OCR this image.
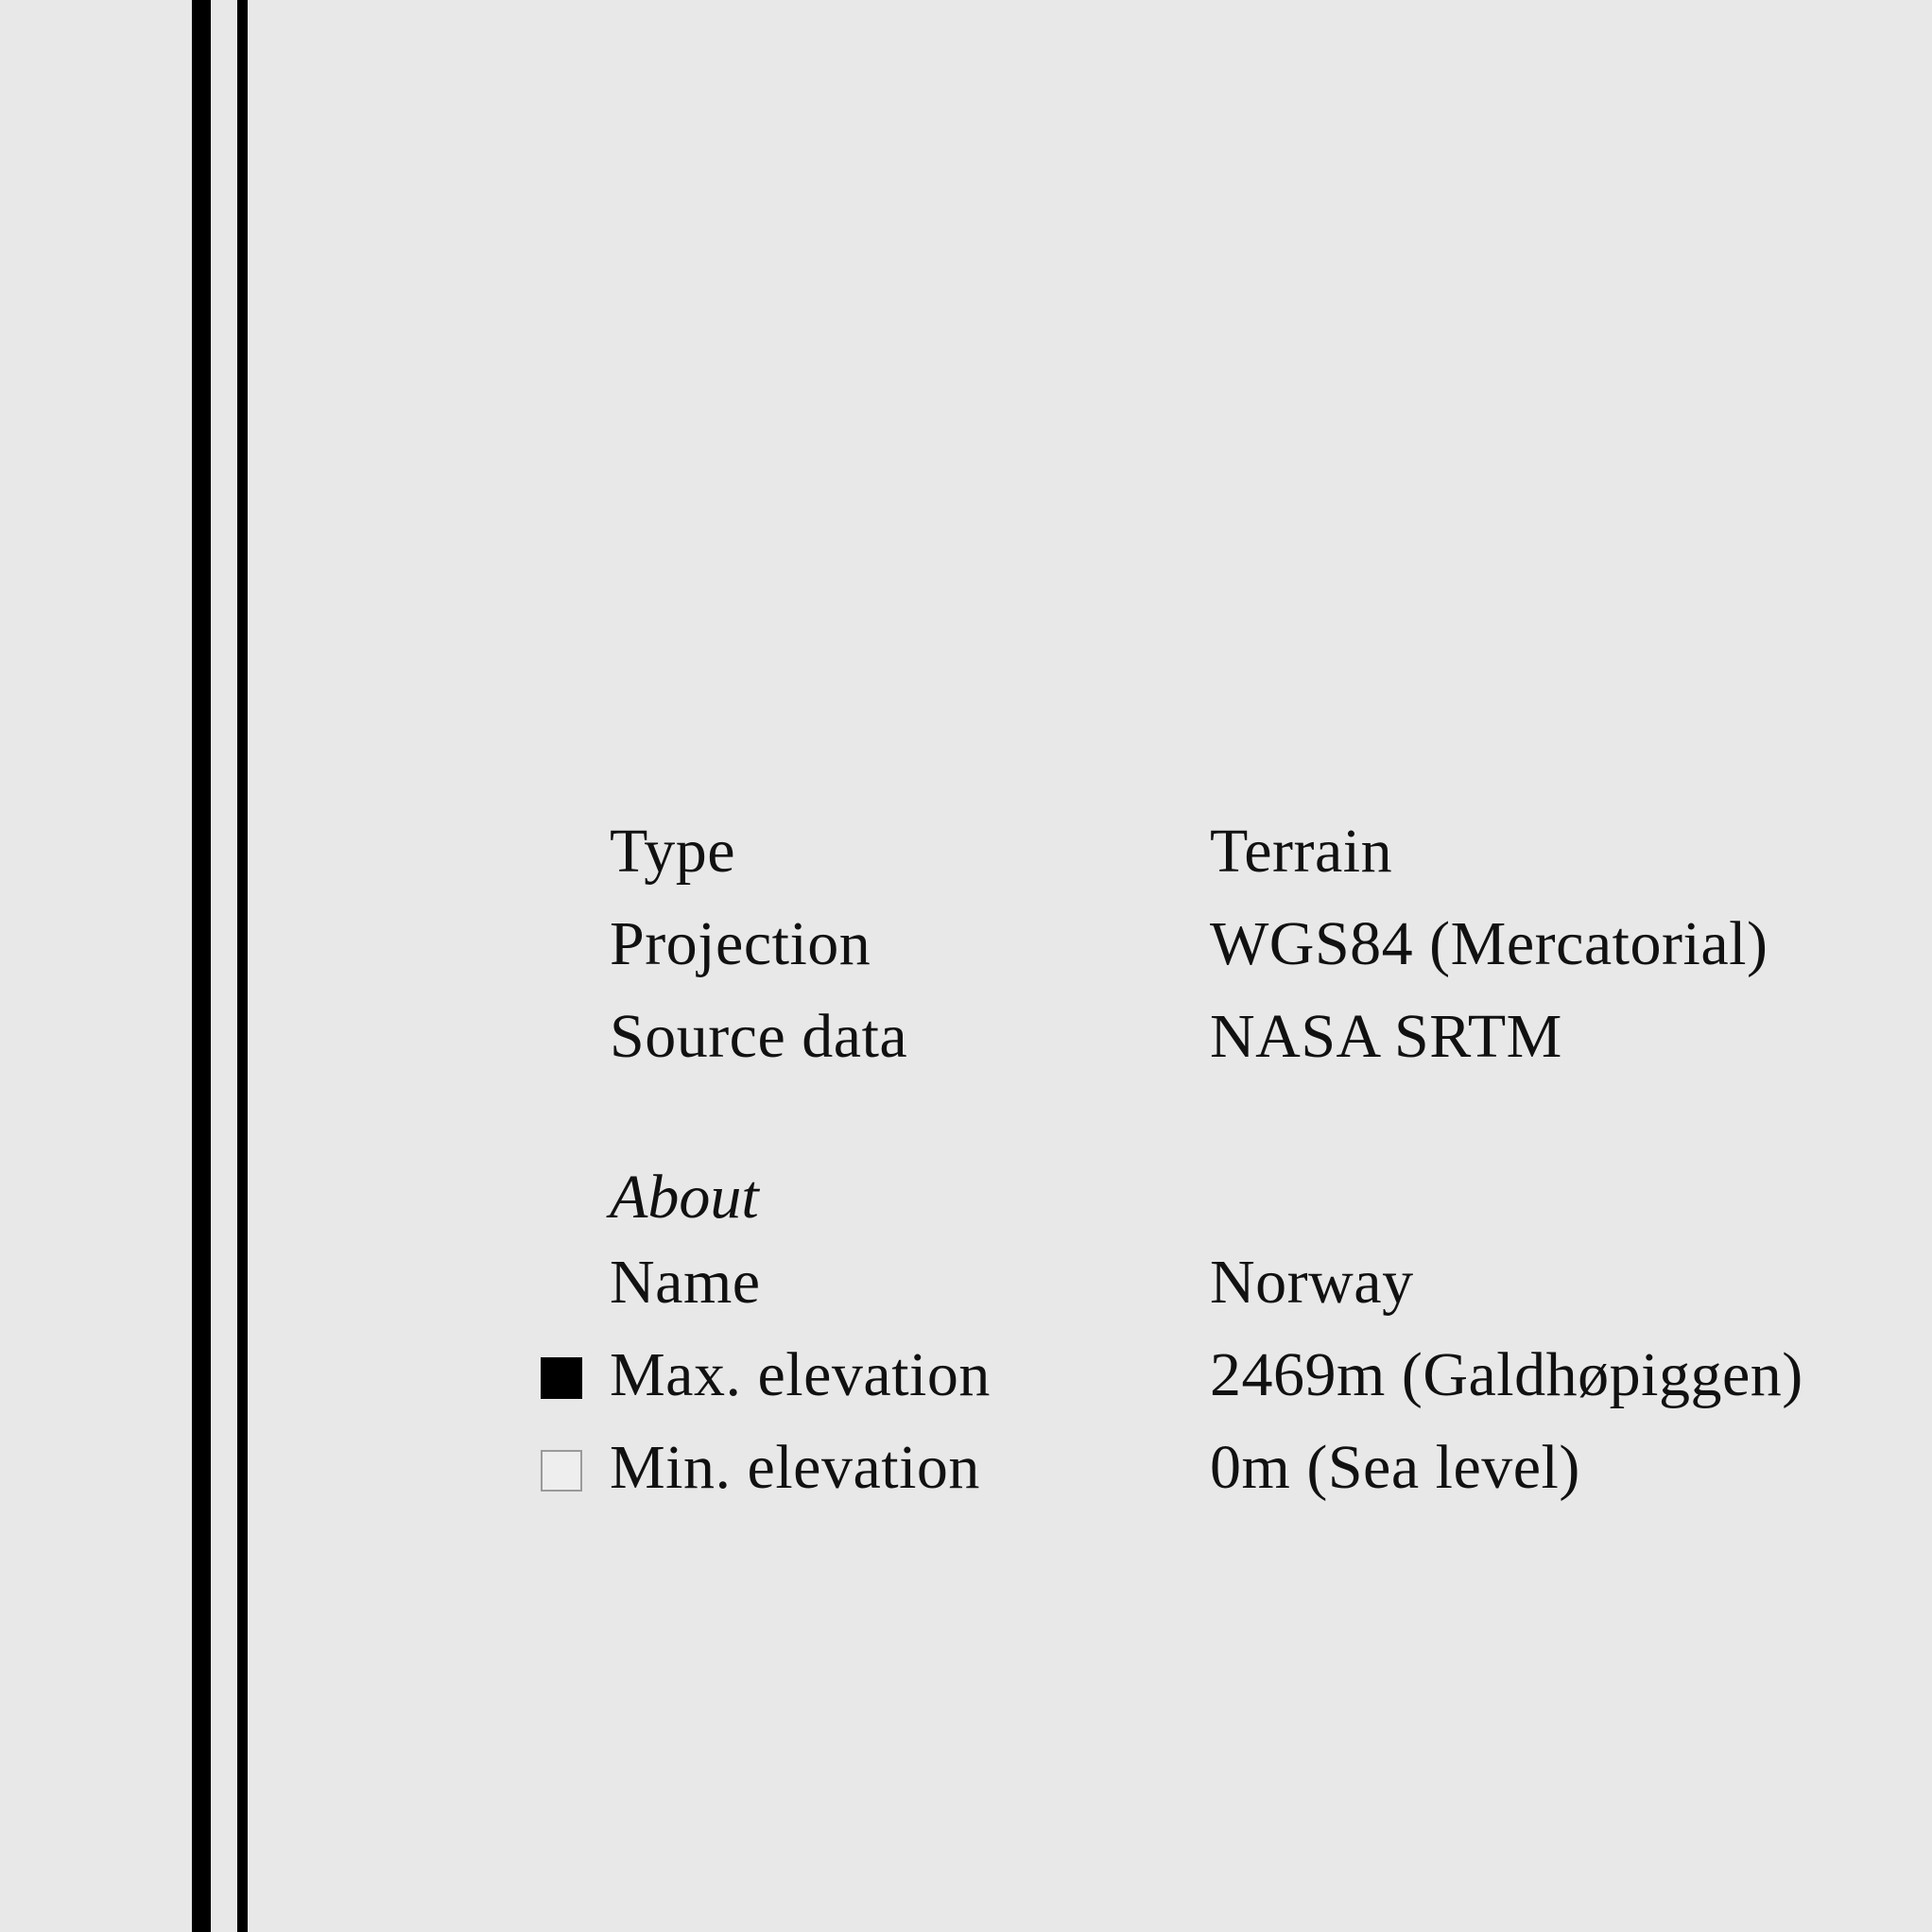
Type	Terrain
Projection	WGS84 (Mercatorial)
Source data	NASA SRTM
About
Name	Norway
Max. elevation	2469m (Galdhøpiggen)
Min. elevation	0m (Sea level)
